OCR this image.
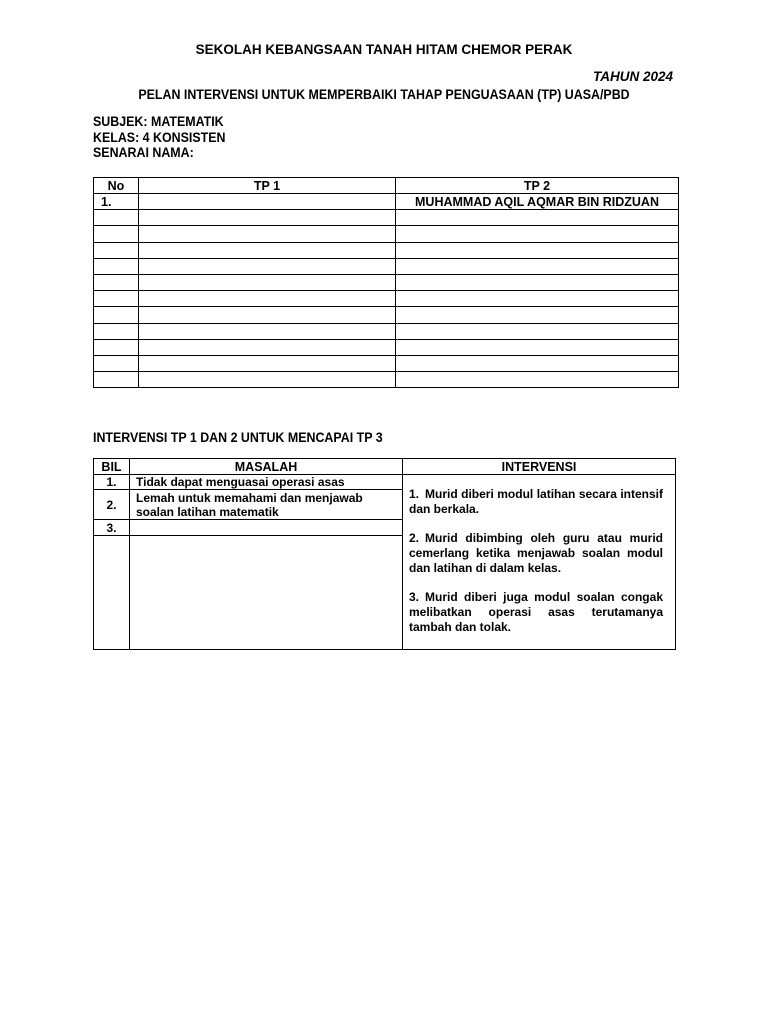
SEKOLAH KEBANGSAAN TANAH HITAM CHEMOR PERAK
TAHUN 2024
PELAN INTERVENSI UNTUK MEMPERBAIKI TAHAP PENGUASAAN (TP) UASA/PBD
SUBJEK: MATEMATIK
KELAS: 4 KONSISTEN
SENARAI NAMA:
No	TP 1	TP 2
1.		MUHAMMAD AQIL AQMAR BIN RIDZUAN

INTERVENSI TP 1 DAN 2 UNTUK MENCAPAI TP 3
BIL	MASALAH	INTERVENSI
1.	Tidak dapat menguasai operasi asas	1. Murid diberi modul latihan secara intensif dan berkala.
2. Murid dibimbing oleh guru atau murid cemerlang ketika menjawab soalan modul dan latihan di dalam kelas.
3. Murid diberi juga modul soalan congak melibatkan operasi asas terutamanya tambah dan tolak.

2.	Lemah untuk memahami dan menjawab soalan latihan matematik	
3.		
